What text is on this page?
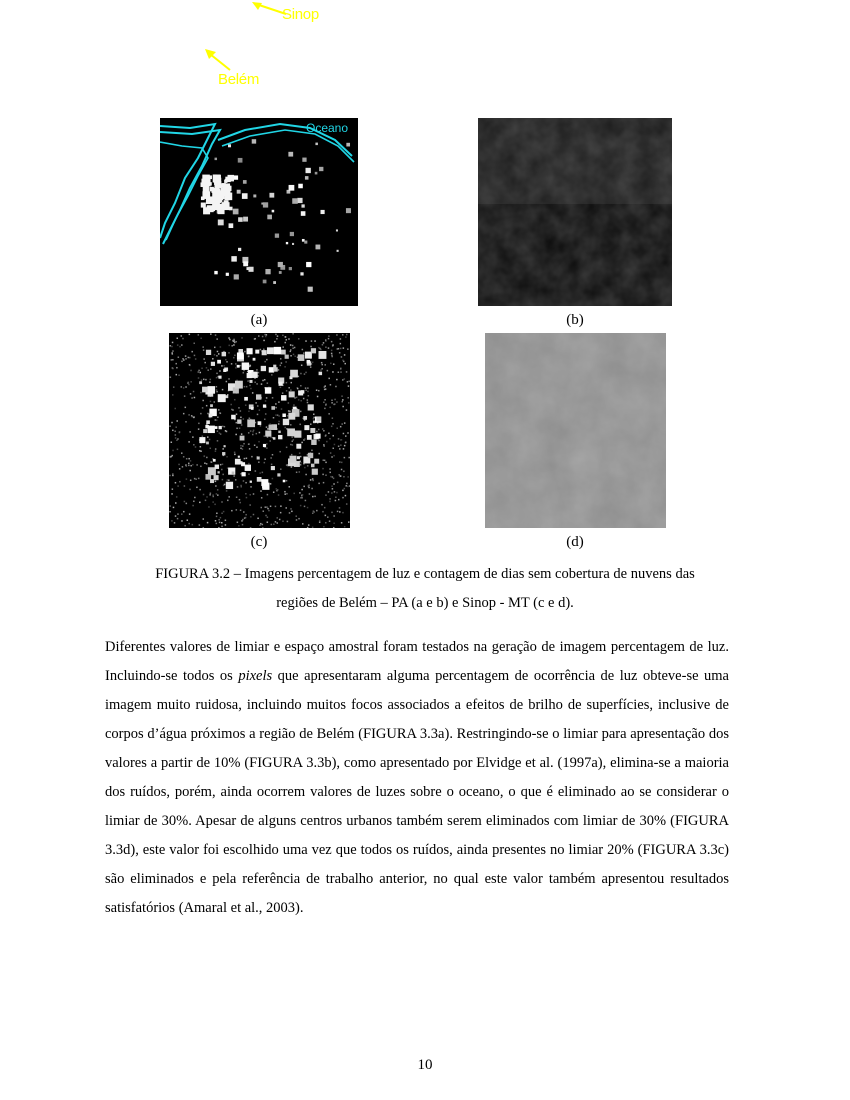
Sinop
Belém
Oceano
(a)	(b)
(c)	(d)
FIGURA 3.2 – Imagens percentagem de luz e contagem de dias sem cobertura de nuvens das
regiões de Belém – PA (a e b) e Sinop - MT (c e d).

Diferentes valores de limiar e espaço amostral foram testados na geração de imagem percentagem de luz. Incluindo-se todos os pixels que apresentaram alguma percentagem de ocorrência de luz obteve-se uma imagem muito ruidosa, incluindo muitos focos associados a efeitos de brilho de superfícies, inclusive de corpos d’água próximos a região de Belém (FIGURA 3.3a). Restringindo-se o limiar para apresentação dos valores a partir de 10% (FIGURA 3.3b), como apresentado por Elvidge et al. (1997a), elimina-se a maioria dos ruídos, porém, ainda ocorrem valores de luzes sobre o oceano, o que é eliminado ao se considerar o limiar de 30%. Apesar de alguns centros urbanos também serem eliminados com limiar de 30% (FIGURA 3.3d), este valor foi escolhido uma vez que todos os ruídos, ainda presentes no limiar 20% (FIGURA 3.3c) são eliminados e pela referência de trabalho anterior, no qual este valor também apresentou resultados satisfatórios (Amaral et al., 2003).

10
